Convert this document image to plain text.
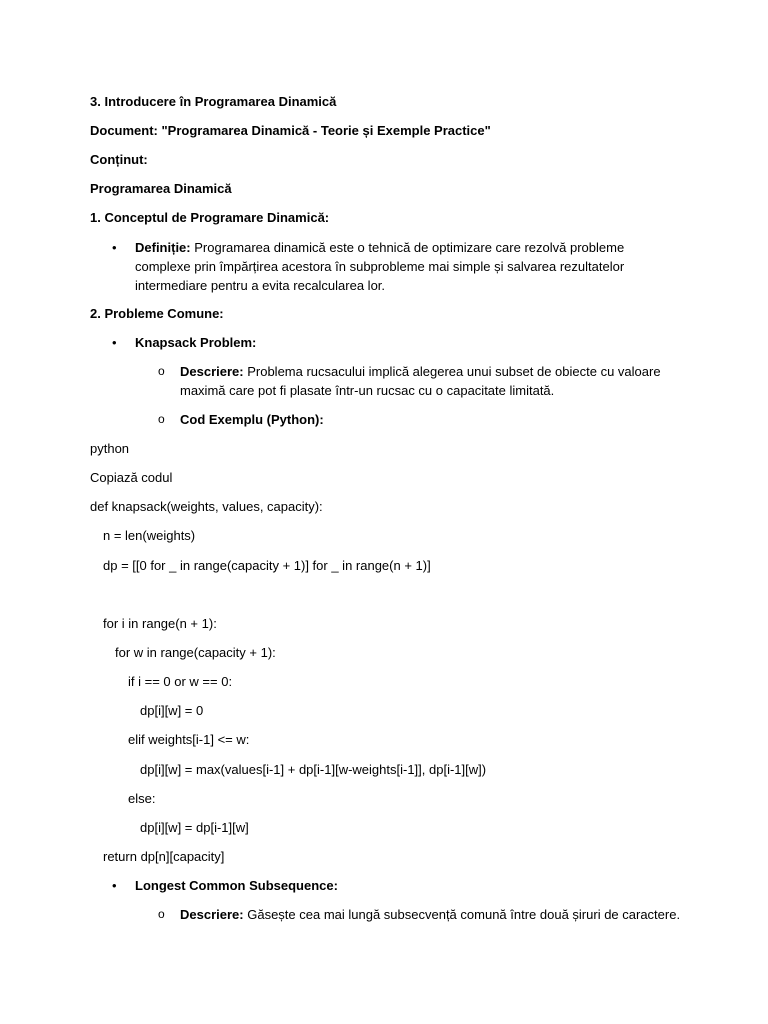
3. Introducere în Programarea Dinamică
Document: "Programarea Dinamică - Teorie și Exemple Practice"
Conținut:
Programarea Dinamică
1. Conceptul de Programare Dinamică:
• Definiție: Programarea dinamică este o tehnică de optimizare care rezolvă probleme complexe prin împărțirea acestora în subprobleme mai simple și salvarea rezultatelor intermediare pentru a evita recalcularea lor.
2. Probleme Comune:
• Knapsack Problem:
o Descriere: Problema rucsacului implică alegerea unui subset de obiecte cu valoare maximă care pot fi plasate într-un rucsac cu o capacitate limitată.
o Cod Exemplu (Python):
python
Copiază codul
def knapsack(weights, values, capacity):
n = len(weights)
dp = [[0 for _ in range(capacity + 1)] for _ in range(n + 1)]
for i in range(n + 1):
for w in range(capacity + 1):
if i == 0 or w == 0:
dp[i][w] = 0
elif weights[i-1] <= w:
dp[i][w] = max(values[i-1] + dp[i-1][w-weights[i-1]], dp[i-1][w])
else:
dp[i][w] = dp[i-1][w]
return dp[n][capacity]
• Longest Common Subsequence:
o Descriere: Găsește cea mai lungă subsecvență comună între două șiruri de caractere.
